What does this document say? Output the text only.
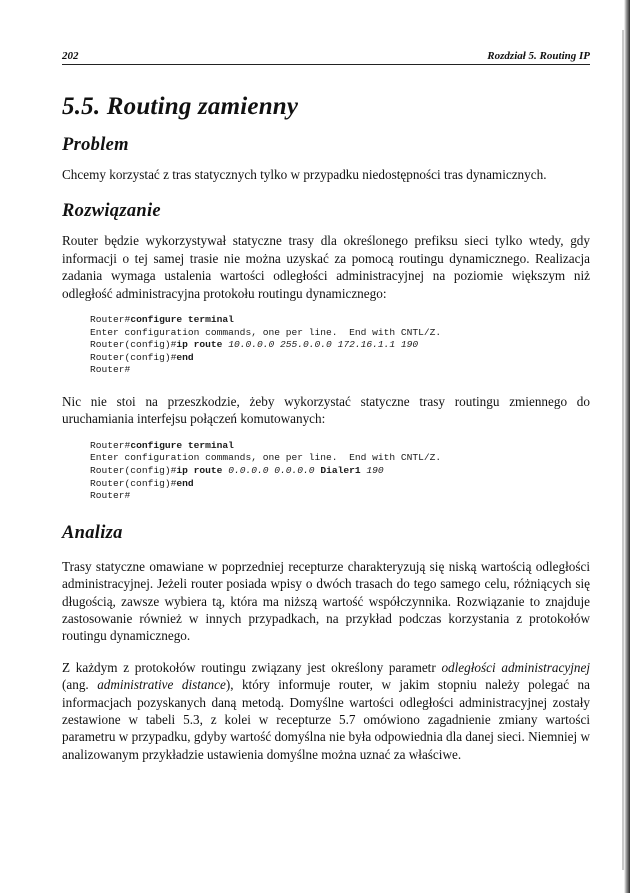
202	Rozdział 5. Routing IP
5.5. Routing zamienny
Problem

Chcemy korzystać z tras statycznych tylko w przypadku niedostępności tras dynamicznych.

Rozwiązanie

Router będzie wykorzystywał statyczne trasy dla określonego prefiksu sieci tylko wtedy, gdy informacji o tej samej trasie nie można uzyskać za pomocą routingu dynamicznego. Realizacja zadania wymaga ustalenia wartości odległości administracyjnej na poziomie większym niż odległość administracyjna protokołu routingu dynamicznego:

Router#configure terminal
Enter configuration commands, one per line.  End with CNTL/Z.
Router(config)#ip route 10.0.0.0 255.0.0.0 172.16.1.1 190
Router(config)#end
Router#

Nic nie stoi na przeszkodzie, żeby wykorzystać statyczne trasy routingu zmiennego do uruchamiania interfejsu połączeń komutowanych:

Router#configure terminal
Enter configuration commands, one per line.  End with CNTL/Z.
Router(config)#ip route 0.0.0.0 0.0.0.0 Dialer1 190
Router(config)#end
Router#
Analiza

Trasy statyczne omawiane w poprzedniej recepturze charakteryzują się niską wartością odległości administracyjnej. Jeżeli router posiada wpisy o dwóch trasach do tego samego celu, różniących się długością, zawsze wybiera tą, która ma niższą wartość współczynnika. Rozwiązanie to znajduje zastosowanie również w innych przypadkach, na przykład podczas korzystania z protokołów routingu dynamicznego.

Z każdym z protokołów routingu związany jest określony parametr odległości administracyjnej (ang. administrative distance), który informuje router, w jakim stopniu należy polegać na informacjach pozyskanych daną metodą. Domyślne wartości odległości administracyjnej zostały zestawione w tabeli 5.3, z kolei w recepturze 5.7 omówiono zagadnienie zmiany wartości parametru w przypadku, gdyby wartość domyślna nie była odpowiednia dla danej sieci. Niemniej w analizowanym przykładzie ustawienia domyślne można uznać za właściwe.
